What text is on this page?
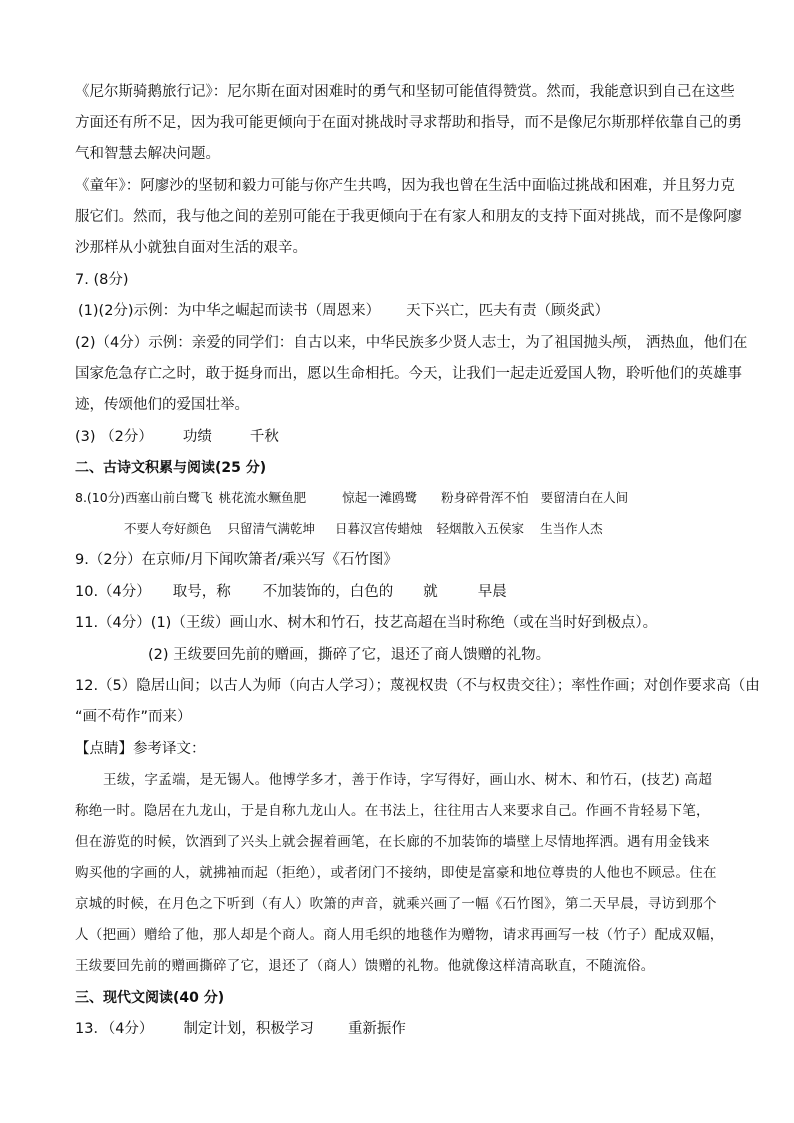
《尼尔斯骑鹅旅行记》：尼尔斯在面对困难时的勇气和坚韧可能值得赞赏。然而，我能意识到自己在这些
方面还有所不足，因为我可能更倾向于在面对挑战时寻求帮助和指导，而不是像尼尔斯那样依靠自己的勇
气和智慧去解决问题。
《童年》：阿廖沙的坚韧和毅力可能与你产生共鸣，因为我也曾在生活中面临过挑战和困难，并且努力克
服它们。然而，我与他之间的差别可能在于我更倾向于在有家人和朋友的支持下面对挑战，而不是像阿廖
沙那样从小就独自面对生活的艰辛。
7. (8分)
(1)(2分)示例：为中华之崛起而读书（周恩来） 天下兴亡，匹夫有责（顾炎武）
(2)（4分）示例：亲爱的同学们：自古以来，中华民族多少贤人志士，为了祖国抛头颅， 洒热血，他们在
国家危急存亡之时，敢于挺身而出，愿以生命相托。今天，让我们一起走近爱国人物，聆听他们的英雄事
迹，传颂他们的爱国壮举。
(3) （2分） 功绩	千秋
二、古诗文积累与阅读(25 分)
8.(10分)西塞山前白鹭飞 桃花流水鳜鱼肥	惊起一滩鸥鹭 粉身碎骨浑不怕 要留清白在人间
不要人夸好颜色 只留清气满乾坤 日暮汉宫传蜡烛 轻烟散入五侯家 生当作人杰
9.（2分）在京师/月下闻吹箫者/乘兴写《石竹图》
10.（4分） 取号，称 不加装饰的，白色的 就	早晨
11.（4分）(1)（王绂）画山水、树木和竹石，技艺高超在当时称绝（或在当时好到极点）。
(2) 王绂要回先前的赠画，撕碎了它，退还了商人馈赠的礼物。
12.（5）隐居山间；以古人为师（向古人学习）；蔑视权贵（不与权贵交往）；率性作画；对创作要求高（由
“画不苟作”而来）
【点睛】参考译文：
王绂，字孟端，是无锡人。他博学多才，善于作诗，字写得好，画山水、树木、和竹石，(技艺) 高超
称绝一时。隐居在九龙山，于是自称九龙山人。在书法上，往往用古人来要求自己。作画不肯轻易下笔，
但在游览的时候，饮酒到了兴头上就会握着画笔，在长廊的不加装饰的墙壁上尽情地挥洒。遇有用金钱来
购买他的字画的人，就拂袖而起（拒绝），或者闭门不接纳，即使是富豪和地位尊贵的人他也不顾忌。住在
京城的时候，在月色之下听到（有人）吹箫的声音，就乘兴画了一幅《石竹图》，第二天早晨，寻访到那个
人（把画）赠给了他，那人却是个商人。商人用毛织的地毯作为赠物，请求再画写一枝（竹子）配成双幅，
王绂要回先前的赠画撕碎了它，退还了（商人）馈赠的礼物。他就像这样清高耿直，不随流俗。
三、现代文阅读(40 分)
13．（4分） 制定计划，积极学习 重新振作
